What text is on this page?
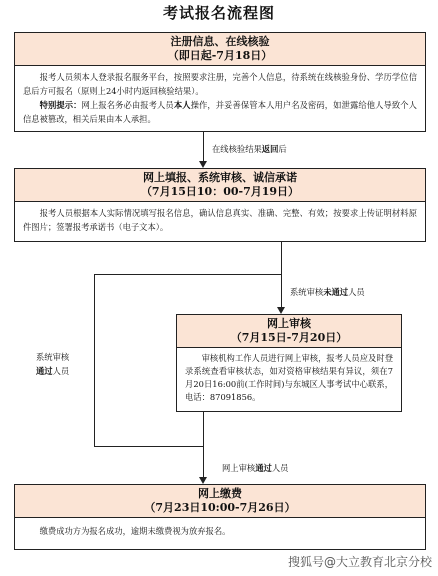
考试报名流程图
注册信息、在线核验
（即日起-7月18日）

报考人员须本人登录报名服务平台，按照要求注册，完善个人信息，待系统在线核验身份、学历学位信息后方可报名（原则上24小时内返回核验结果）。

特别提示：网上报名务必由报考人员本人操作，并妥善保管本人用户名及密码，如泄露给他人导致个人信息被篡改，相关后果由本人承担。

在线核验结果返回后
网上填报、系统审核、诚信承诺
（7月15日10：00-7月19日）

报考人员根据本人实际情况填写报名信息，确认信息真实、准确、完整、有效；按要求上传证明材料原件图片；签署报考承诺书（电子文本）。

系统审核
通过人员
系统审核未通过人员
网上审核
（7月15日-7月20日）

审核机构工作人员进行网上审核，报考人员应及时登录系统查看审核状态，如对资格审核结果有异议，须在7月20日16:00前(工作时间)与东城区人事考试中心联系，电话：87091856。

网上审核通过人员
网上缴费
（7月23日10:00-7月26日）

缴费成功方为报名成功，逾期未缴费视为放弃报名。

搜狐号@大立教育北京分校
